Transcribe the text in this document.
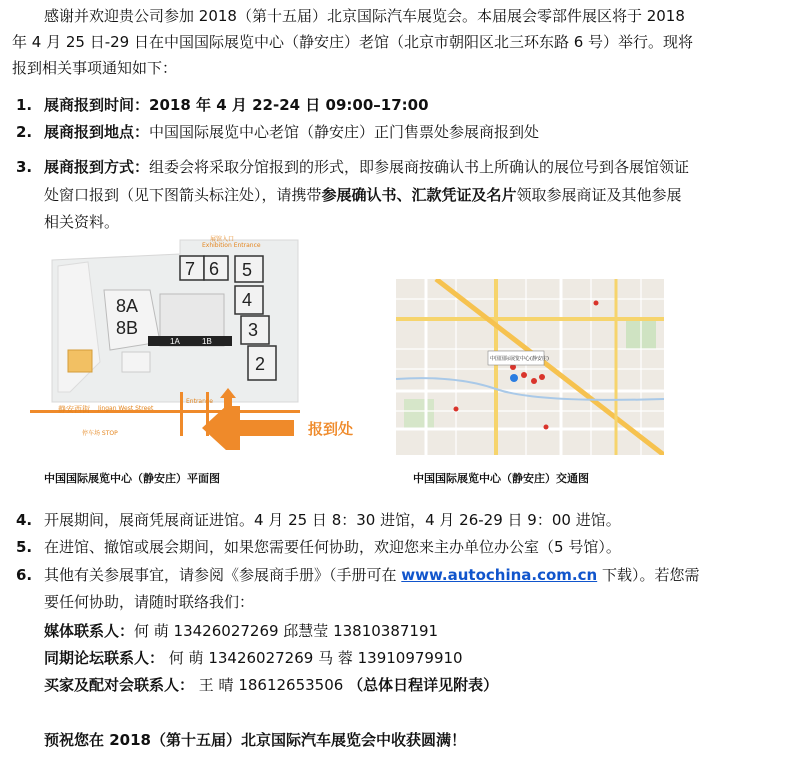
感谢并欢迎贵公司参加 2018（第十五届）北京国际汽车展览会。本届展会零部件展区将于 2018
年 4 月 25 日-29 日在中国国际展览中心（静安庄）老馆（北京市朝阳区北三环东路 6 号）举行。现将
报到相关事项通知如下：
1. 展商报到时间：2018 年 4 月 22-24 日 09:00–17:00
2. 展商报到地点：中国国际展览中心老馆（静安庄）正门售票处参展商报到处
3. 展商报到方式：组委会将采取分馆报到的形式，即参展商按确认书上所确认的展位号到各展馆领证
处窗口报到（见下图箭头标注处），请携带参展确认书、汇款凭证及名片领取参展商证及其他参展
相关资料。
7 6 5
4
3
2
8A
8B
1A	1B
展馆入口
Exhibition Entrance
静安西街 Jingan West Street
停车场 STOP
Entrance
报到处
中国国际展览中心（静安庄）平面图
中国国际展览中心(静安庄)
中国国际展览中心（静安庄）交通图
4. 开展期间，展商凭展商证进馆。4 月 25 日 8：30 进馆，4 月 26-29 日 9：00 进馆。
5. 在进馆、撤馆或展会期间，如果您需要任何协助，欢迎您来主办单位办公室（5 号馆）。
6. 其他有关参展事宜，请参阅《参展商手册》（手册可在 www.autochina.com.cn 下载）。若您需
要任何协助，请随时联络我们：
媒体联系人：何 萌 13426027269 邱慧莹 13810387191
同期论坛联系人： 何 萌 13426027269 马 蓉 13910979910
买家及配对会联系人： 王 晴 18612653506 （总体日程详见附表）
预祝您在 2018（第十五届）北京国际汽车展览会中收获圆满！
